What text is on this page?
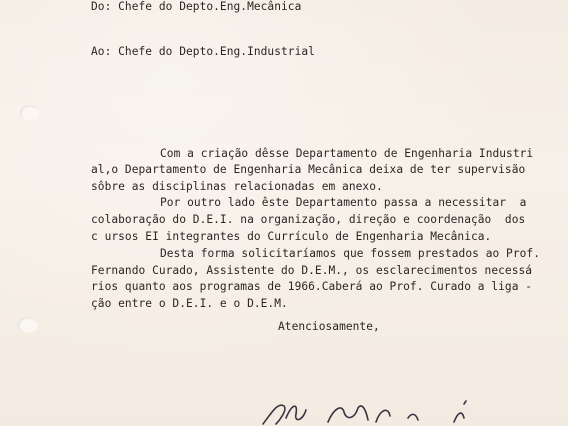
Do: Chefe do Depto.Eng.Mecânica
Ao: Chefe do Depto.Eng.Industrial
Com a criação dêsse Departamento de Engenharia Industri
al,o Departamento de Engenharia Mecânica deixa de ter supervisão
sôbre as disciplinas relacionadas em anexo.
Por outro lado êste Departamento passa a necessitar  a
colaboração do D.E.I. na organização, direção e coordenação  dos
c ursos EI integrantes do Currículo de Engenharia Mecânica.
Desta forma solicitaríamos que fossem prestados ao Prof.
Fernando Curado, Assistente do D.E.M., os esclarecimentos necessá
rios quanto aos programas de 1966.Caberá ao Prof. Curado a liga -
ção entre o D.E.I. e o D.E.M.
Atenciosamente,
